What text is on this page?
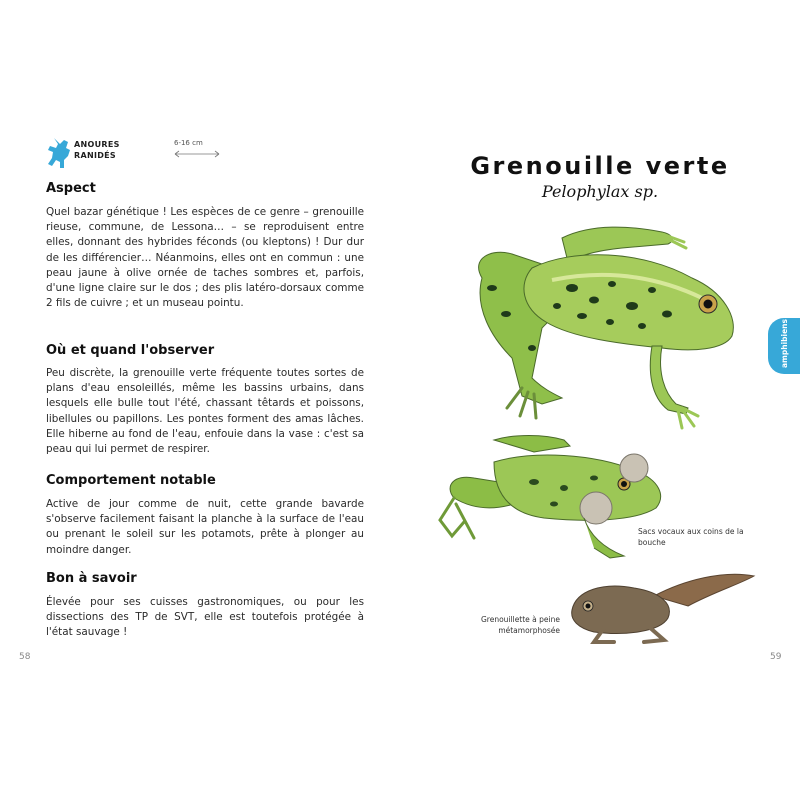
ANOURES
RANIDÉS
6-16 cm
Aspect

Quel bazar génétique ! Les espèces de ce genre – grenouille rieuse, commune, de Lessona… – se reproduisent entre elles, donnant des hybrides féconds (ou kleptons) ! Dur dur de les différencier… Néanmoins, elles ont en commun : une peau jaune à olive ornée de taches sombres et, parfois, d'une ligne claire sur le dos ; des plis latéro-dorsaux comme 2 fils de cuivre ; et un museau pointu.

Où et quand l'observer

Peu discrète, la grenouille verte fréquente toutes sortes de plans d'eau ensoleillés, même les bassins urbains, dans lesquels elle bulle tout l'été, chassant têtards et poissons, libellules ou papillons. Les pontes forment des amas lâches. Elle hiberne au fond de l'eau, enfouie dans la vase : c'est sa peau qui lui permet de respirer.

Comportement notable

Active de jour comme de nuit, cette grande bavarde s'observe facilement faisant la planche à la surface de l'eau ou prenant le soleil sur les potamots, prête à plonger au moindre danger.

Bon à savoir

Élevée pour ses cuisses gastronomiques, ou pour les dissections des TP de SVT, elle est toutefois protégée à l'état sauvage !

58
Grenouille verte
Pelophylax sp.
Sacs vocaux aux coins de la bouche
Grenouillette à peine métamorphosée
amphibiens
59
